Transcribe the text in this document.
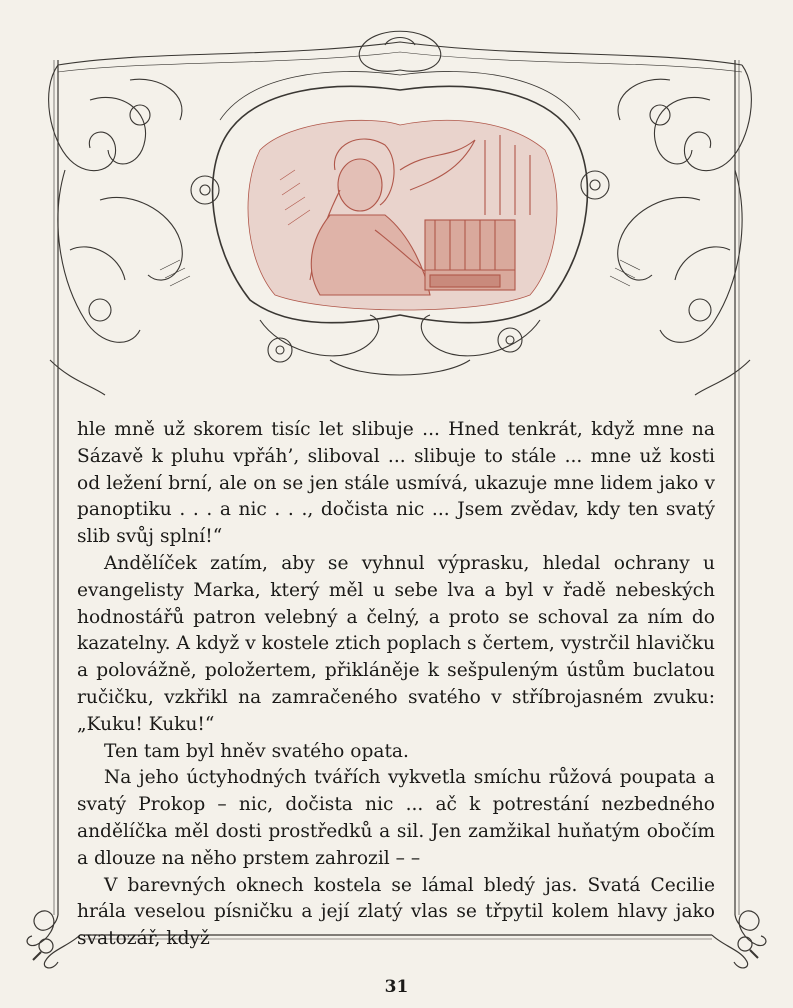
hle mně už skorem tisíc let slibuje ... Hned tenkrát, když mne na Sázavě k pluhu vpřáh’, sliboval ... slibuje to stále ... mne už kosti od ležení brní, ale on se jen stále usmívá, ukazuje mne lidem jako v panoptiku . . . a nic . . ., dočista nic ... Jsem zvědav, kdy ten svatý slib svůj splní!“

Andělíček zatím, aby se vyhnul výprasku, hledal ochrany u evangelisty Marka, který měl u sebe lva a byl v řadě nebeských hodnostářů patron velebný a čelný, a proto se schoval za ním do kazatelny. A když v kostele ztich poplach s čertem, vystrčil hlavičku a polovážně, položertem, přikláněje k sešpuleným ústům buclatou ručičku, vzkřikl na zamračeného svatého v stříbrojasném zvuku: „Kuku! Kuku!“

Ten tam byl hněv svatého opata.

Na jeho úctyhodných tvářích vykvetla smíchu růžová poupata a svatý Prokop – nic, dočista nic ... ač k potrestání nezbedného andělíčka měl dosti prostředků a sil. Jen zamžikal huňatým obočím a dlouze na něho prstem zahrozil – –

V barevných oknech kostela se lámal bledý jas. Svatá Cecilie hrála veselou písničku a její zlatý vlas se třpytil kolem hlavy jako svatozář, když

31
